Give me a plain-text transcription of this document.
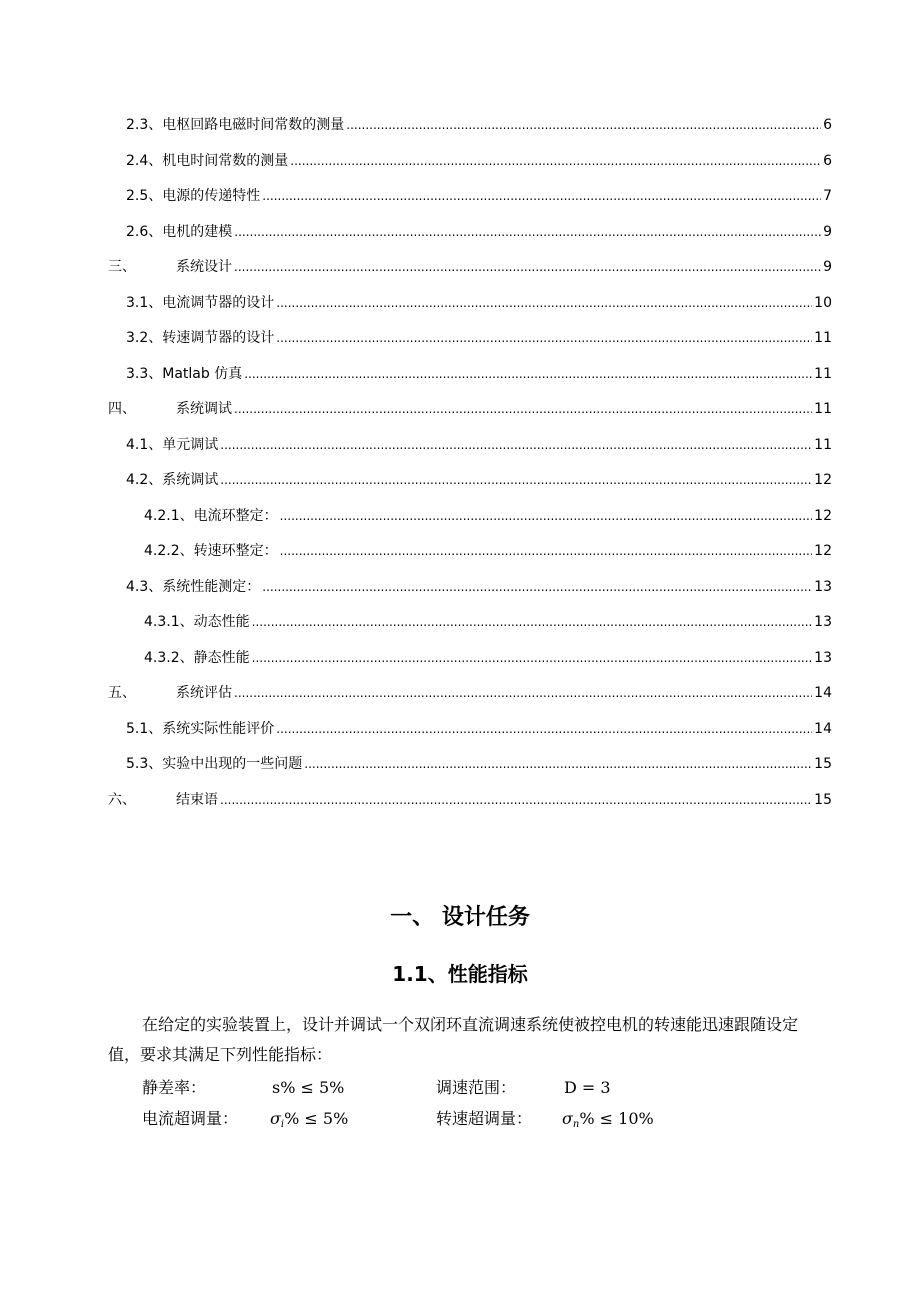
2.3、 电枢回路电磁时间常数的测量 .....	6
2.4、 机电时间常数的测量 .....	6
2.5、 电源的传递特性 .....	7
2.6、 电机的建模 .....	9
三、	系统设计 .....	9
3.1、 电流调节器的设计 .....	10
3.2、 转速调节器的设计 .....	11
3.3、 Matlab 仿真 .....	11
四、	系统调试 .....	11
4.1、 单元调试 .....	11
4.2、 系统调试 .....	12
4.2.1、 电流环整定： .....	12
4.2.2、 转速环整定： .....	12
4.3、 系统性能测定： .....	13
4.3.1、 动态性能 .....	13
4.3.2、 静态性能 .....	13
五、	系统评估 .....	14
5.1、 系统实际性能评价 .....	14
5.3、 实验中出现的一些问题 .....	15
六、	结束语 .....	15
一、 设计任务
1.1、性能指标
在给定的实验装置上，设计并调试一个双闭环直流调速系统使被控电机的转速能迅速跟随设定值，要求其满足下列性能指标：
静差率：	s% ≤ 5%	调速范围：	D = 3
电流超调量： $\sigma_i\% \le 5\%$	转速超调量： $\sigma_n\% \le 10\%$
